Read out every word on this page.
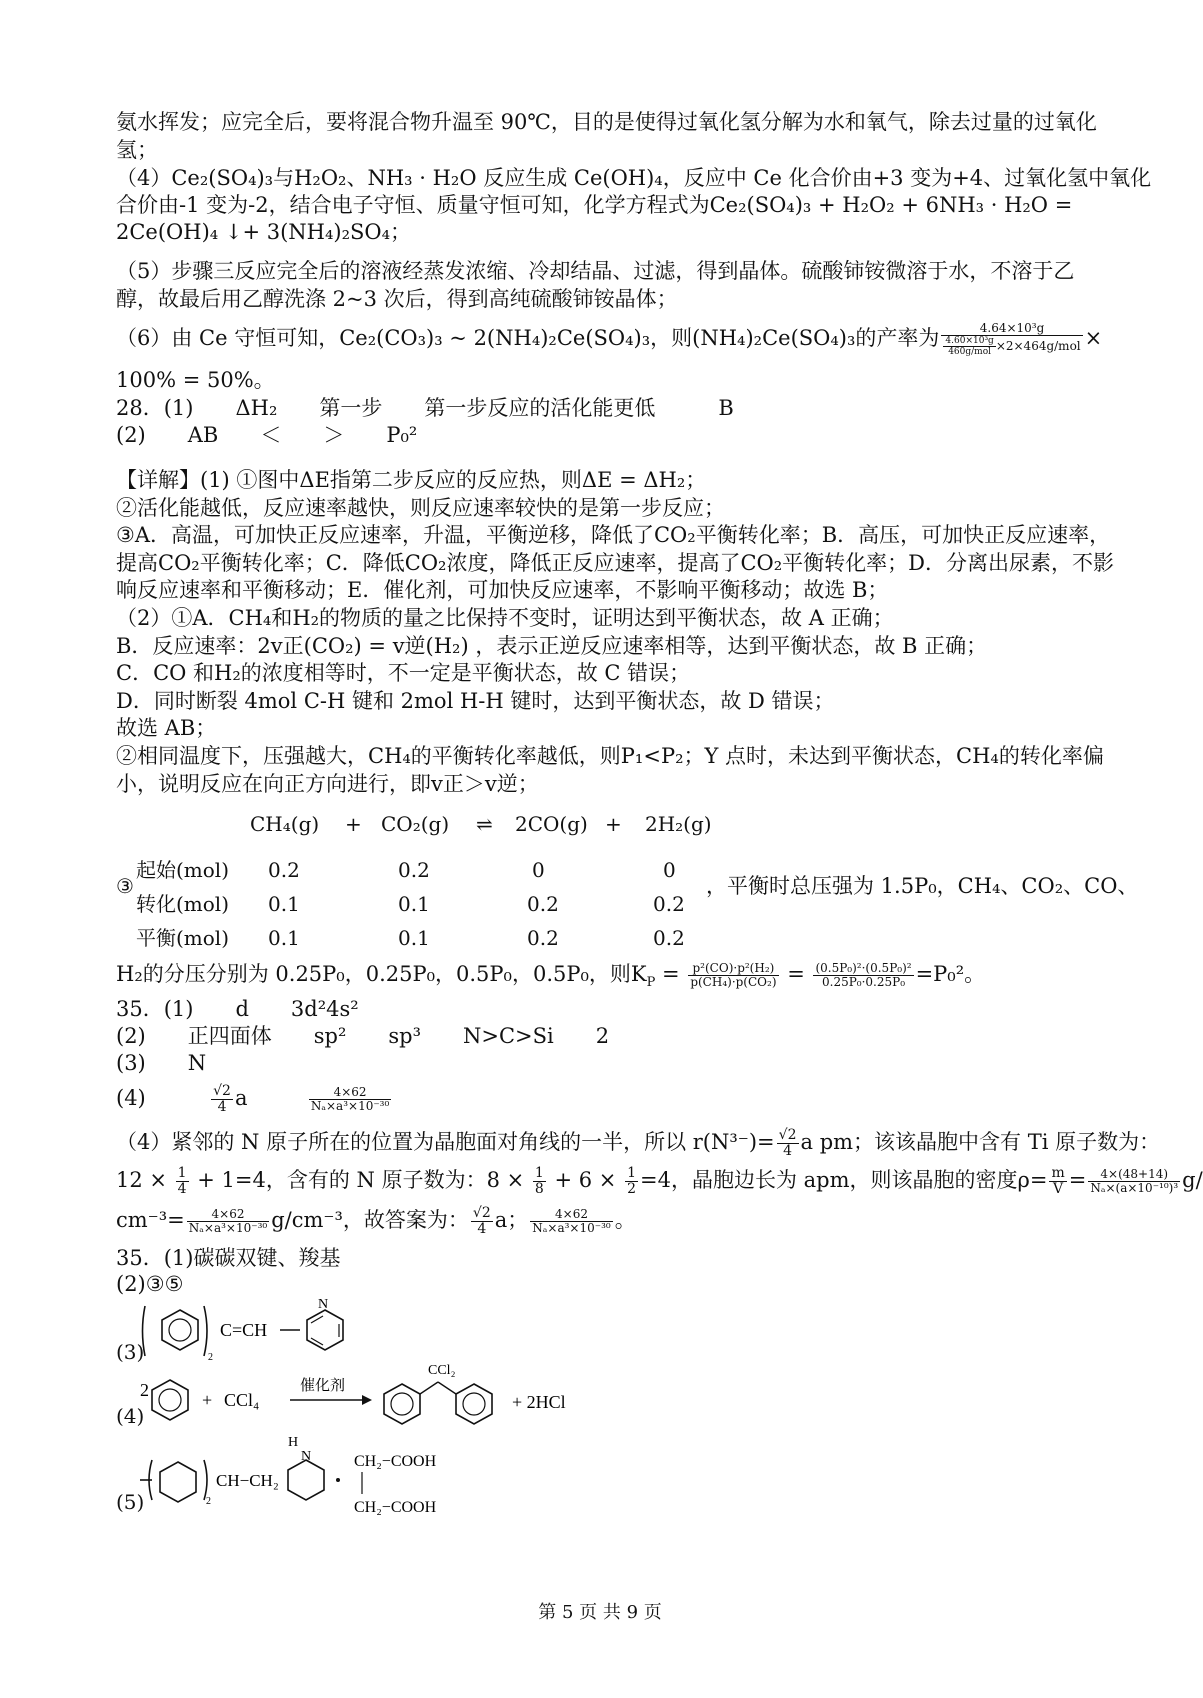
氨水挥发；应完全后，要将混合物升温至 90℃，目的是使得过氧化氢分解为水和氧气，除去过量的过氧化
氢；
（4）Ce₂(SO₄)₃与H₂O₂、NH₃ · H₂O 反应生成 Ce(OH)₄，反应中 Ce 化合价由+3 变为+4、过氧化氢中氧化
合价由-1 变为-2，结合电子守恒、质量守恒可知，化学方程式为Ce₂(SO₄)₃ + H₂O₂ + 6NH₃ · H₂O =
2Ce(OH)₄ ↓+ 3(NH₄)₂SO₄；
（5）步骤三反应完全后的溶液经蒸发浓缩、冷却结晶、过滤，得到晶体。硫酸铈铵微溶于水，不溶于乙
醇，故最后用乙醇洗涤 2~3 次后，得到高纯硫酸铈铵晶体；
（6）由 Ce 守恒可知，Ce₂(CO₃)₃ ~ 2(NH₄)₂Ce(SO₄)₃，则(NH₄)₂Ce(SO₄)₃的产率为 $\frac{\text{4.64×10³g}}{\frac{\text{4.60×10³g}}{\text{460g/mol}} \times 2\times 464g/mol}$ ×
100% = 50%。
28．(1)　　ΔH₂　　第一步　　第一步反应的活化能更低　　　B
(2)　　AB　　＜　　＞　　P₀²
【详解】(1) ①图中ΔE指第二步反应的反应热，则ΔE = ΔH₂；
②活化能越低，反应速率越快，则反应速率较快的是第一步反应；
③A．高温，可加快正反应速率，升温，平衡逆移，降低了CO₂平衡转化率；B．高压，可加快正反应速率，
提高CO₂平衡转化率；C．降低CO₂浓度，降低正反应速率，提高了CO₂平衡转化率；D．分离出尿素，不影
响反应速率和平衡移动；E．催化剂，可加快反应速率，不影响平衡移动；故选 B；
（2）①A．CH₄和H₂的物质的量之比保持不变时，证明达到平衡状态，故 A 正确；
B．反应速率：2v正(CO₂) = v逆(H₂) ，表示正逆反应速率相等，达到平衡状态，故 B 正确；
C．CO 和H₂的浓度相等时，不一定是平衡状态，故 C 错误；
D．同时断裂 4mol C-H 键和 2mol H-H 键时，达到平衡状态，故 D 错误；
故选 AB；
②相同温度下，压强越大，CH₄的平衡转化率越低，则P₁<P₂；Y 点时，未达到平衡状态，CH₄的转化率偏
小，说明反应在向正方向进行，即v正＞v逆；
CH₄(g) + CO₂(g) ⇌ 2CO(g) + 2H₂(g)
③
起始(mol) 0.2	0.2	0	0
转化(mol) 0.1	0.1	0.2	0.2
平衡(mol) 0.1	0.1	0.2	0.2
，平衡时总压强为 1.5P₀，CH₄、CO₂、CO、
H₂的分压分别为 0.25P₀，0.25P₀，0.5P₀，0.5P₀，则$K_P = \frac{\text{p²(CO)·p²(H₂)}}{\text{p(CH₄)·p(CO₂)}} = \frac{\text{(0.5P₀)²·(0.5P₀)²}}{\text{0.25P₀·0.25P₀}} =P_0^2$。
35．(1)　　d　　3d²4s²
(2)　　正四面体　　sp²　　sp³　　N>C>Si　　2
(3)　　N
(4)	$\frac{√2}{4}$ a	$\frac{4\times 62}{\text{Nₐ×a³×10⁻³⁰}}$
（4）紧邻的 N 原子所在的位置为晶胞面对角线的一半，所以 $r(N^{3-})= \frac{√2}{4}$ a pm；该该晶胞中含有 Ti 原子数为：
$12 \times \frac{1}{4} + 1=4$，含有的 N 原子数为：$8 \times \frac{1}{8} + 6 \times \frac{1}{2} =4$，晶胞边长为 apm，则该晶胞的密度$\rho= \frac{m}{V} = \frac{4\times(48+14)}{\text{Nₐ×(a×10⁻¹⁰)³}} g/$
$cm^{-3}= \frac{4\times 62}{\text{Nₐ×a³×10⁻³⁰}} g/cm^{-3}$，故答案为： $\frac{√2}{4}$ a； $\frac{4\times 62}{\text{Nₐ×a³×10⁻³⁰}}$ 。
35．(1)碳碳双键、羧基
(2)③⑤
(3)	2
C=CH
N
(4)
2	+ CCl₄
催化剂
CCl₂
+ 2HCl
(5)	2
CH−CH₂
H
N	CH₂−COOH
CH₂−COOH
第 5 页 共 9 页
